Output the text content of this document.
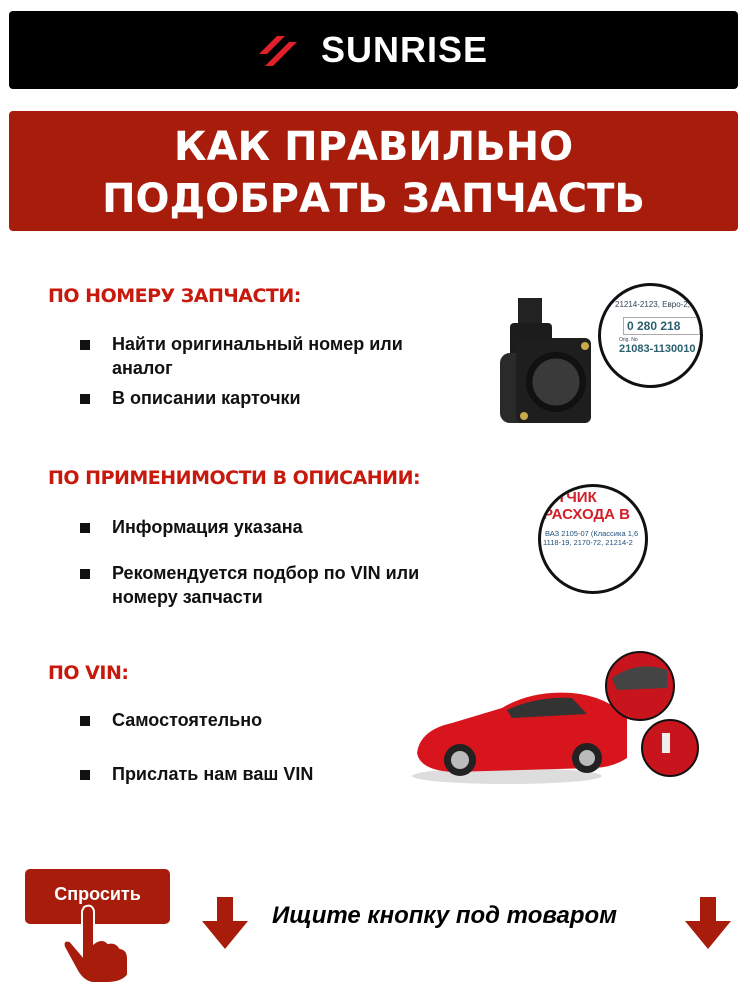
SUNRISE
КАК ПРАВИЛЬНО
ПОДОБРАТЬ ЗАПЧАСТЬ
ПО НОМЕРУ ЗАПЧАСТИ:
Найти оригинальный номер или аналог
В описании карточки
21214-2123, Евро-2,
0 280 218
Orig. No
21083-1130010
ПО ПРИМЕНИМОСТИ В ОПИСАНИИ:
Информация указана
Рекомендуется подбор по VIN или номеру запчасти
АТЧИК
РАСХОДА В
ВАЗ 2105-07 (Классика 1,6
1118-19, 2170-72, 21214-2
ПО VIN:
Самостоятельно
Прислать нам ваш VIN
Спросить
Ищите кнопку под товаром
